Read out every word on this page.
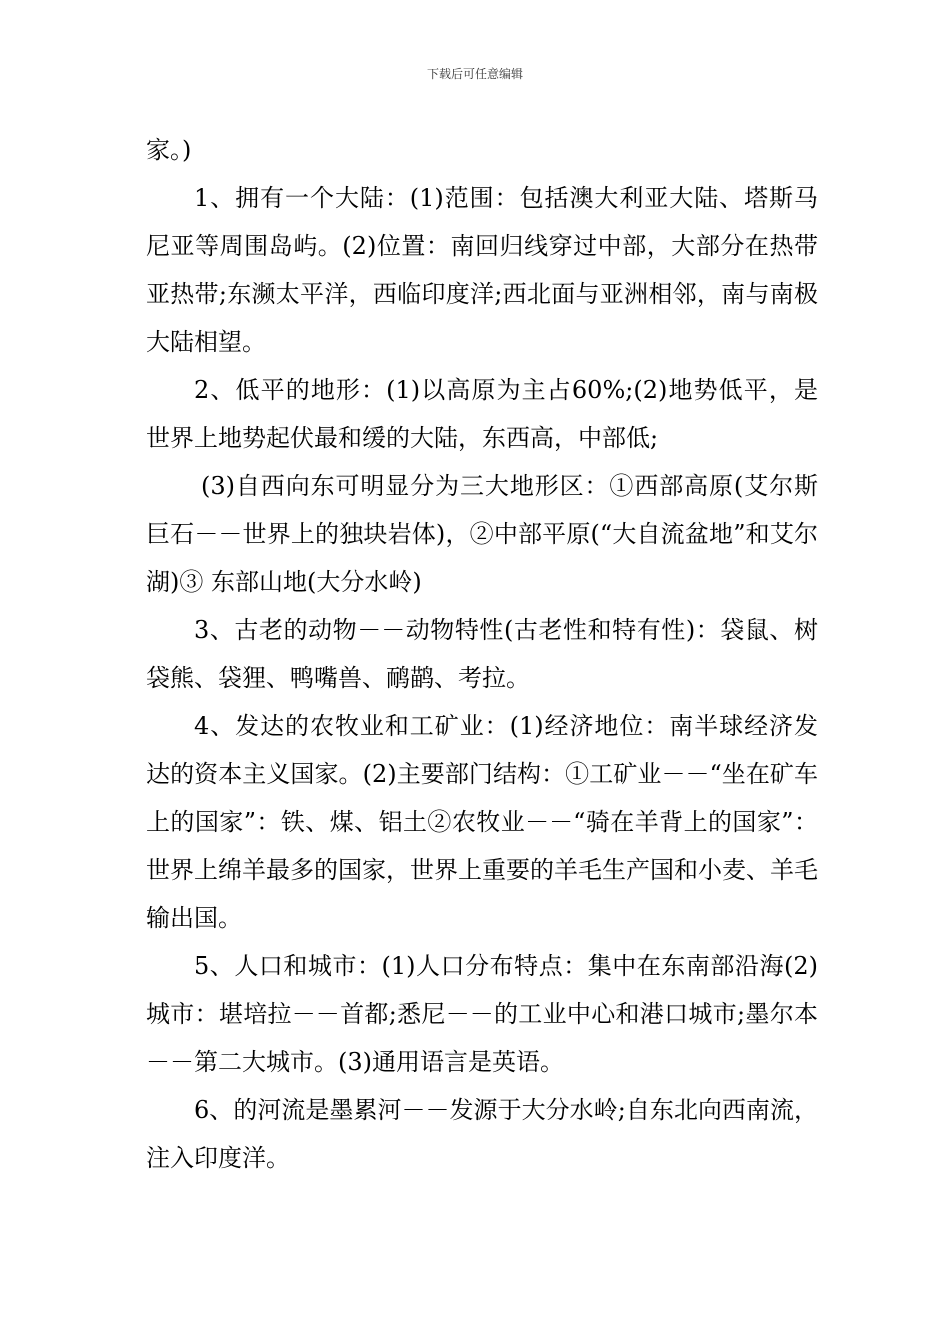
下载后可任意编辑

家。)

1、拥有一个大陆：(1)范围：包括澳大利亚大陆、塔斯马尼亚等周围岛屿。(2)位置：南回归线穿过中部，大部分在热带亚热带;东濒太平洋，西临印度洋;西北面与亚洲相邻，南与南极大陆相望。

2、低平的地形：(1)以高原为主占60%;(2)地势低平，是世界上地势起伏最和缓的大陆，东西高，中部低;

(3)自西向东可明显分为三大地形区：①西部高原(艾尔斯巨石－－世界上的独块岩体)，②中部平原(“大自流盆地”和艾尔湖)③ 东部山地(大分水岭)

3、古老的动物－－动物特性(古老性和特有性)：袋鼠、树袋熊、袋狸、鸭嘴兽、鸸鹋、考拉。

4、发达的农牧业和工矿业：(1)经济地位：南半球经济发达的资本主义国家。(2)主要部门结构：①工矿业－－“坐在矿车上的国家”：铁、煤、铝土②农牧业－－“骑在羊背上的国家”：世界上绵羊最多的国家，世界上重要的羊毛生产国和小麦、羊毛输出国。

5、人口和城市：(1)人口分布特点：集中在东南部沿海(2)城市：堪培拉－－首都;悉尼－－的工业中心和港口城市;墨尔本－－第二大城市。(3)通用语言是英语。

6、的河流是墨累河－－发源于大分水岭;自东北向西南流，注入印度洋。
